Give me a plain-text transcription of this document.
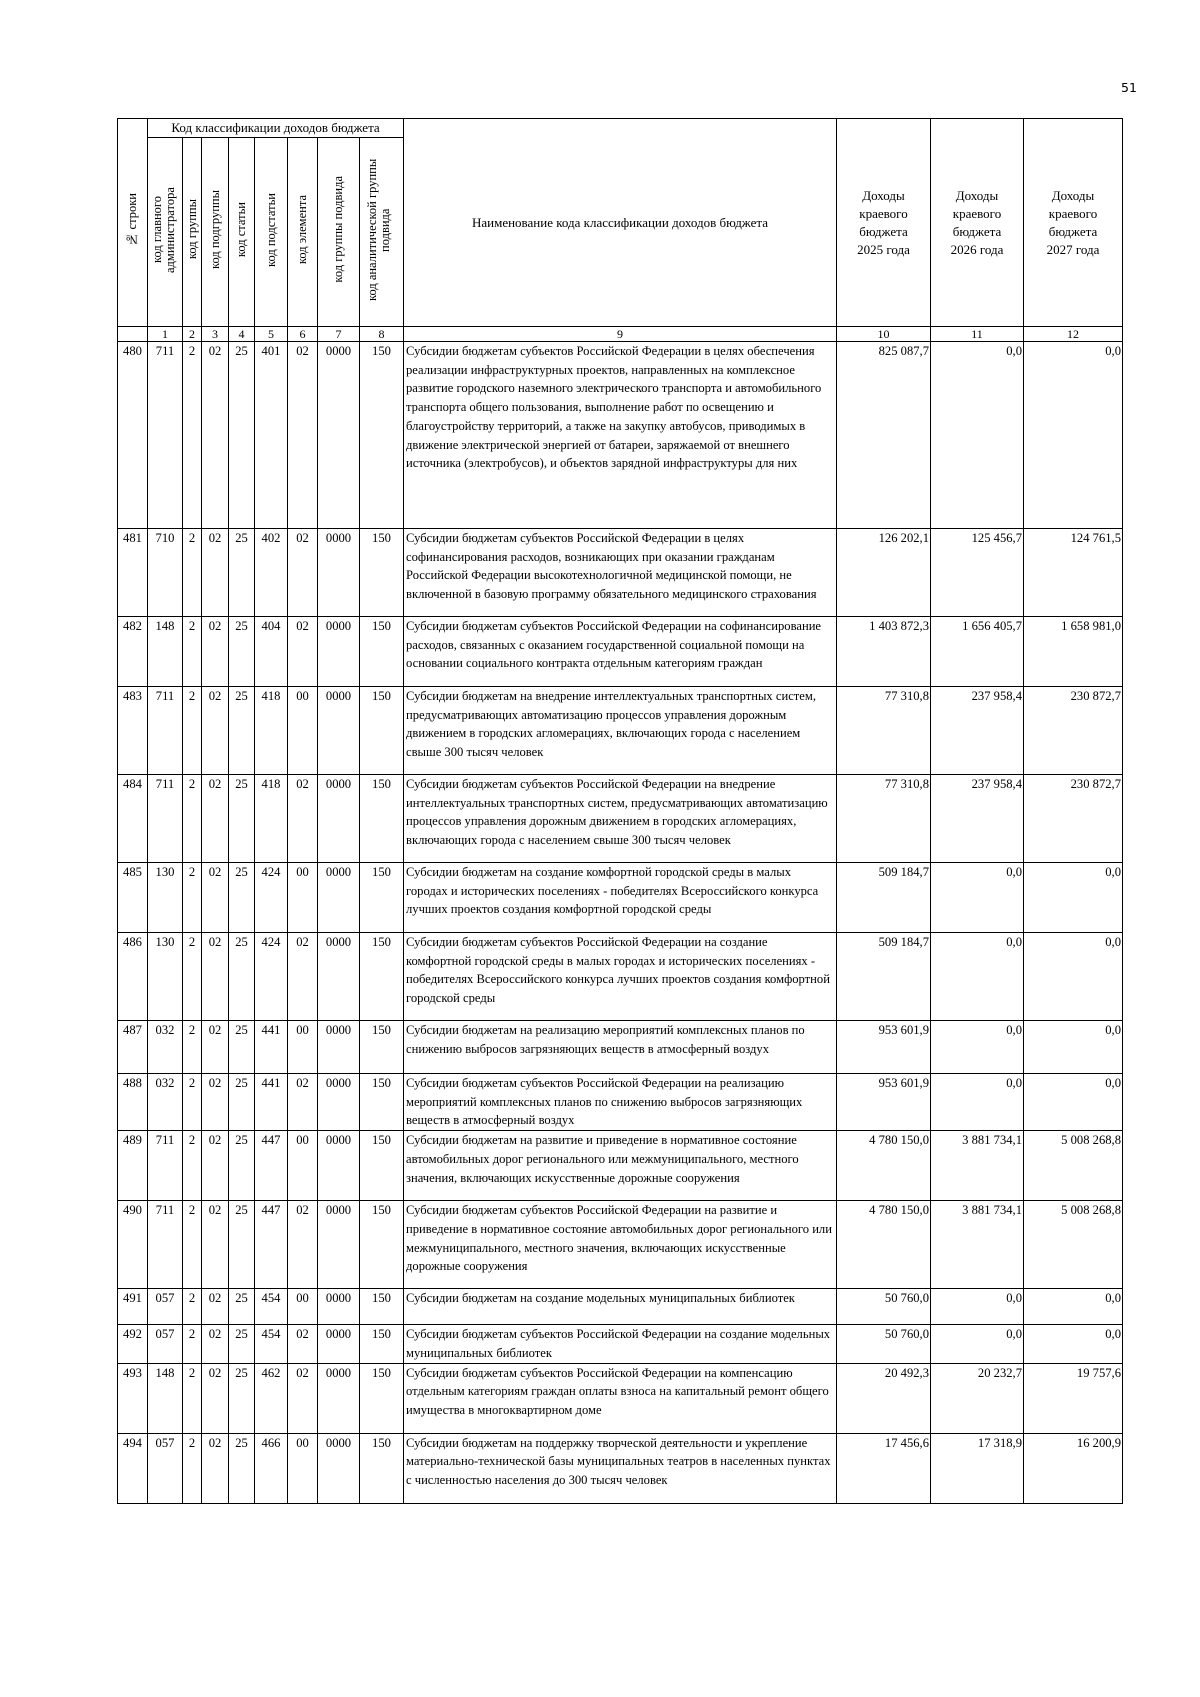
51
№ строки	Код классификации доходов бюджета								Наименование кода классификации доходов бюджета	Доходы краевого бюджета 2025 года	Доходы краевого бюджета 2026 года	Доходы краевого бюджета 2027 года

	код главного администратора	код группы	код подгруппы	код статьи	код подстатьи	код элемента	код группы подвида	код аналитической группы подвида				
	1	2	3	4	5	6	7	8	9	10	11	12
480	711	2	02	25	401	02	0000	150	Субсидии бюджетам субъектов Российской Федерации в целях обеспечения реализации инфраструктурных проектов, направленных на комплексное развитие городского наземного электрического транспорта и автомобильного транспорта общего пользования, выполнение работ по освещению и благоустройству территорий, а также на закупку автобусов, приводимых в движение электрической энергией от батареи, заряжаемой от внешнего источника (электробусов), и объектов зарядной инфраструктуры для них	825 087,7	0,0	0,0
481	710	2	02	25	402	02	0000	150	Субсидии бюджетам субъектов Российской Федерации в целях софинансирования расходов, возникающих при оказании гражданам Российской Федерации высокотехнологичной медицинской помощи, не включенной в базовую программу обязательного медицинского страхования	126 202,1	125 456,7	124 761,5
482	148	2	02	25	404	02	0000	150	Субсидии бюджетам субъектов Российской Федерации на софинансирование расходов, связанных с оказанием государственной социальной помощи на основании социального контракта отдельным категориям граждан	1 403 872,3	1 656 405,7	1 658 981,0
483	711	2	02	25	418	00	0000	150	Субсидии бюджетам на внедрение интеллектуальных транспортных систем, предусматривающих автоматизацию процессов управления дорожным движением в городских агломерациях, включающих города с населением свыше 300 тысяч человек	77 310,8	237 958,4	230 872,7
484	711	2	02	25	418	02	0000	150	Субсидии бюджетам субъектов Российской Федерации на внедрение интеллектуальных транспортных систем, предусматривающих автоматизацию процессов управления дорожным движением в городских агломерациях, включающих города с населением свыше 300 тысяч человек	77 310,8	237 958,4	230 872,7
485	130	2	02	25	424	00	0000	150	Субсидии бюджетам на создание комфортной городской среды в малых городах и исторических поселениях - победителях Всероссийского конкурса лучших проектов создания комфортной городской среды	509 184,7	0,0	0,0
486	130	2	02	25	424	02	0000	150	Субсидии бюджетам субъектов Российской Федерации на создание комфортной городской среды в малых городах и исторических поселениях - победителях Всероссийского конкурса лучших проектов создания комфортной городской среды	509 184,7	0,0	0,0
487	032	2	02	25	441	00	0000	150	Субсидии бюджетам на реализацию мероприятий комплексных планов по снижению выбросов загрязняющих веществ в атмосферный воздух	953 601,9	0,0	0,0
488	032	2	02	25	441	02	0000	150	Субсидии бюджетам субъектов Российской Федерации на реализацию мероприятий комплексных планов по снижению выбросов загрязняющих веществ в атмосферный воздух	953 601,9	0,0	0,0
489	711	2	02	25	447	00	0000	150	Субсидии бюджетам на развитие и приведение в нормативное состояние автомобильных дорог регионального или межмуниципального, местного значения, включающих искусственные дорожные сооружения	4 780 150,0	3 881 734,1	5 008 268,8
490	711	2	02	25	447	02	0000	150	Субсидии бюджетам субъектов Российской Федерации на развитие и приведение в нормативное состояние автомобильных дорог регионального или межмуниципального, местного значения, включающих искусственные дорожные сооружения	4 780 150,0	3 881 734,1	5 008 268,8
491	057	2	02	25	454	00	0000	150	Субсидии бюджетам на создание модельных муниципальных библиотек	50 760,0	0,0	0,0
492	057	2	02	25	454	02	0000	150	Субсидии бюджетам субъектов Российской Федерации на создание модельных муниципальных библиотек	50 760,0	0,0	0,0
493	148	2	02	25	462	02	0000	150	Субсидии бюджетам субъектов Российской Федерации на компенсацию отдельным категориям граждан оплаты взноса на капитальный ремонт общего имущества в многоквартирном доме	20 492,3	20 232,7	19 757,6
494	057	2	02	25	466	00	0000	150	Субсидии бюджетам на поддержку творческой деятельности и укрепление материально-технической базы муниципальных театров в населенных пунктах с численностью населения до 300 тысяч человек	17 456,6	17 318,9	16 200,9
